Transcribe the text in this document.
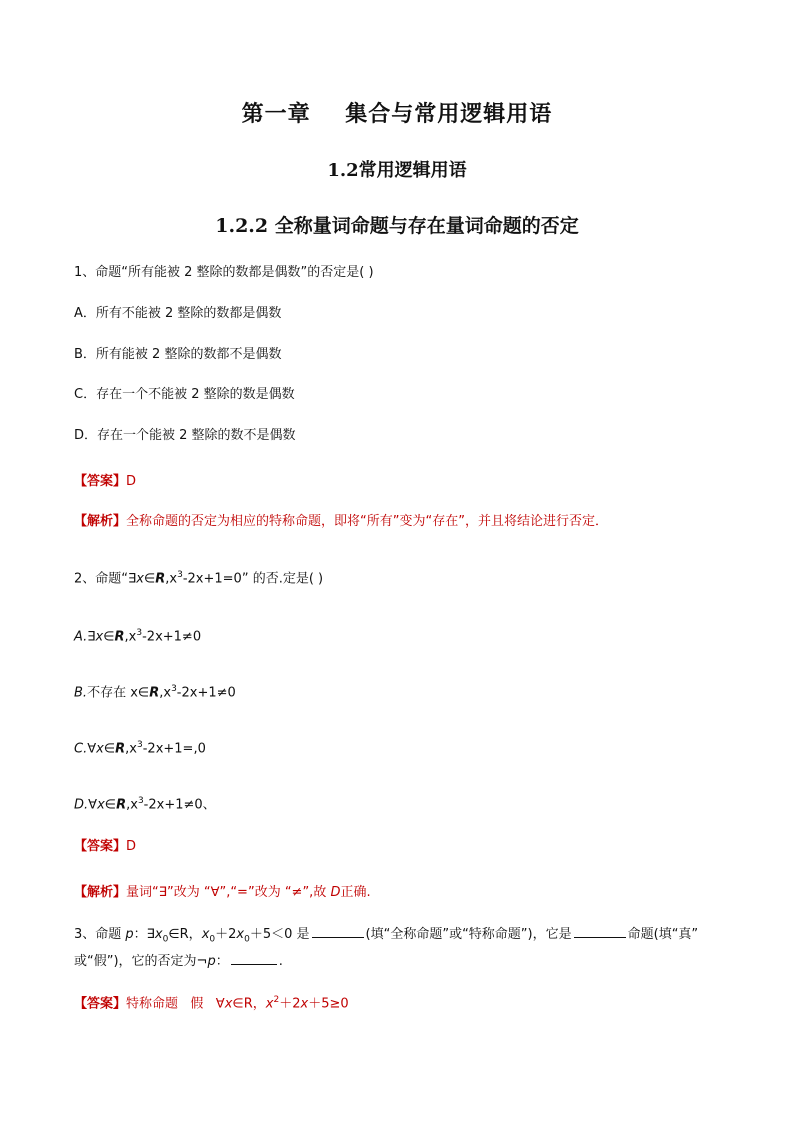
第一章    集合与常用逻辑用语
1.2常用逻辑用语
1.2.2 全称量词命题与存在量词命题的否定
1、命题“所有能被 2 整除的数都是偶数”的否定是( )
A．所有不能被 2 整除的数都是偶数
B．所有能被 2 整除的数都不是偶数
C．存在一个不能被 2 整除的数是偶数
D．存在一个能被 2 整除的数不是偶数
【答案】D
【解析】全称命题的否定为相应的特称命题，即将“所有”变为“存在”，并且将结论进行否定．
2、命题“$\exists x\in R,x^3-2x+1=0$” 的否.定是( )
$A.\exists x\in R,x^3-2x+1\ne 0$
B.不存在 $x\in R,x^3-2x+1\ne 0$
$C.\forall x\in R,x^3-2x+1=,0$
$D.\forall x\in R,x^3-2x+1\ne 0$、
【答案】D
【解析】量词“∃”改为 “∀”,“=”改为 “≠”,故 D正确.
3、命题 p：$\exists x_0\in R$，$x_0+2x_0+5<0$ 是	(填“全称命题”或“特称命题”)，它是	命题(填“真”
或“假”)，它的否定为¬p：	.
【答案】特称命题   假   ∀x∈R，$x^2+2x+5\ge 0$
